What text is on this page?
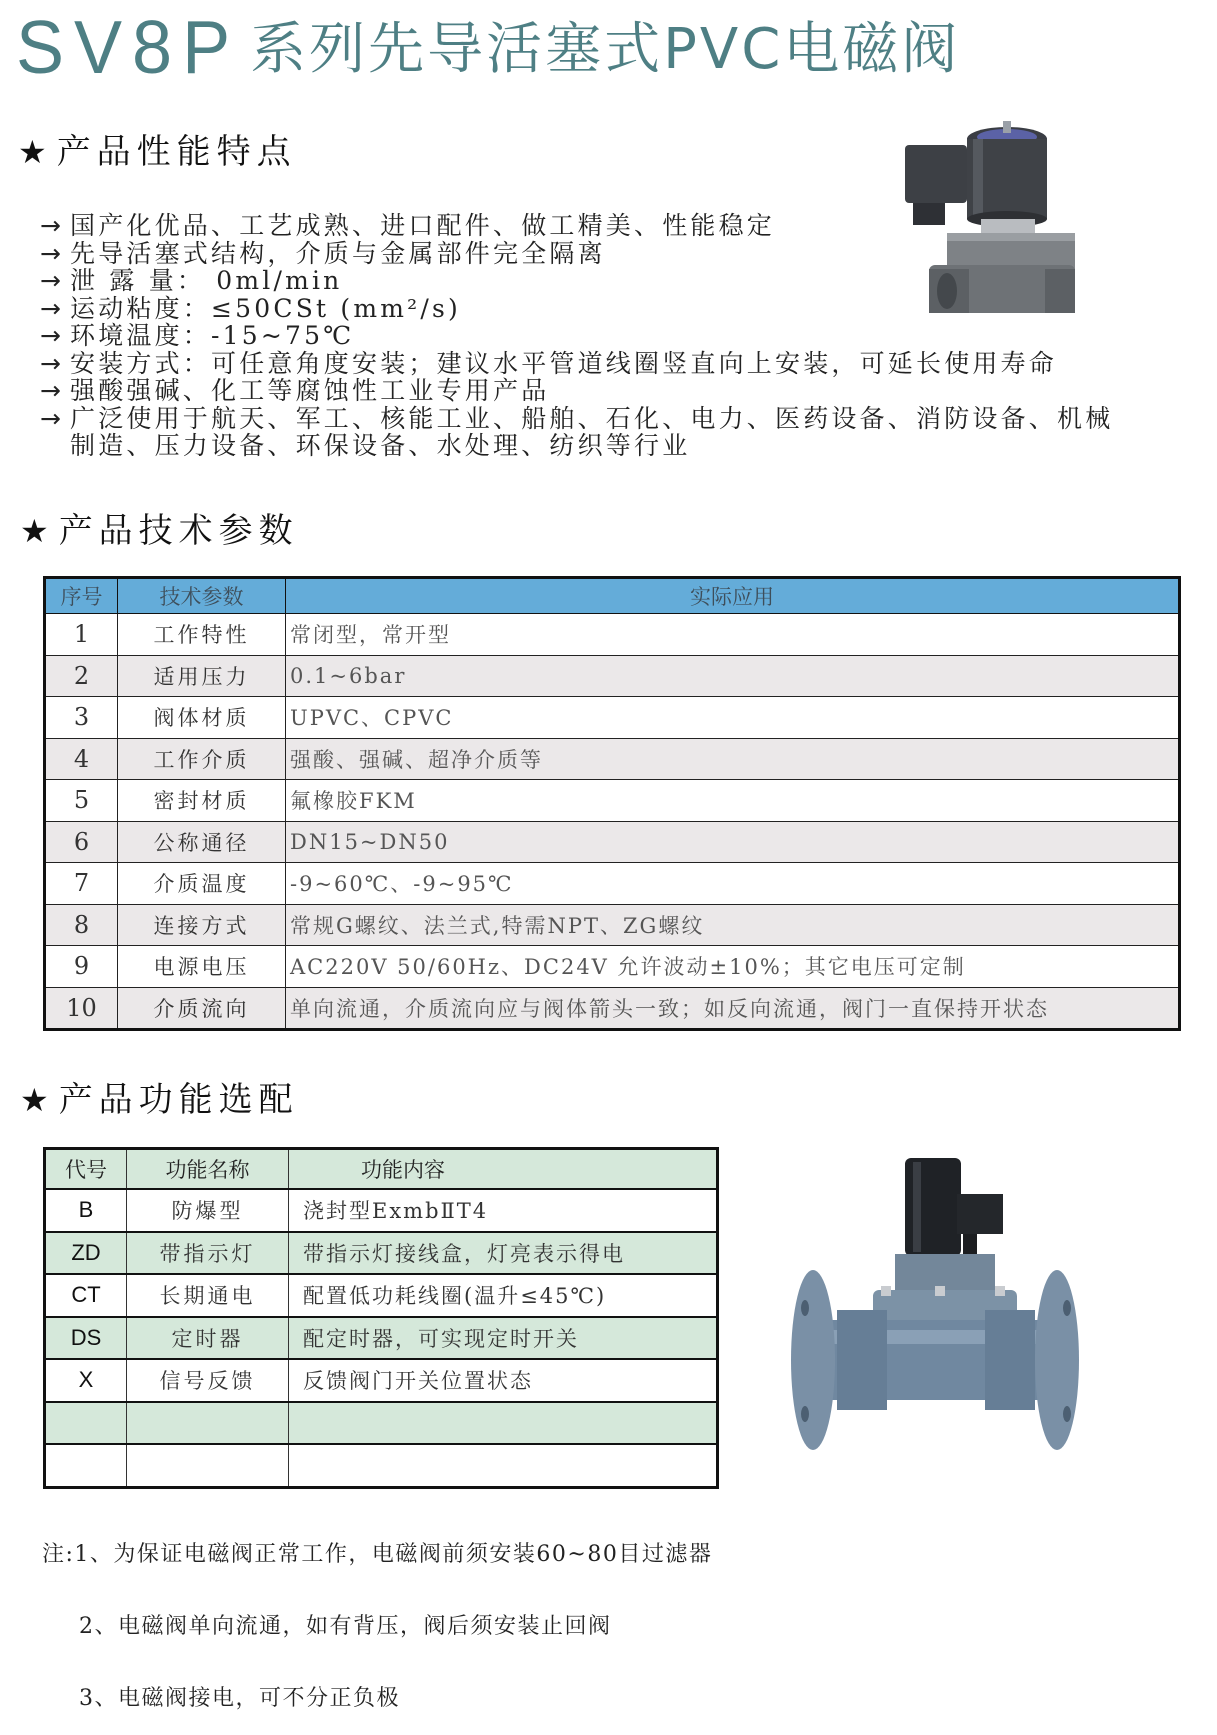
SV8P 系列先导活塞式PVC电磁阀
★ 产品性能特点
→ 国产化优品、工艺成熟、进口配件、做工精美、性能稳定
→ 先导活塞式结构，介质与金属部件完全隔离
→ 泄 露 量： 0ml/min
→ 运动粘度：≤50CSt (mm²/s)
→ 环境温度：-15~75℃
→ 安装方式：可任意角度安装；建议水平管道线圈竖直向上安装，可延长使用寿命
→ 强酸强碱、化工等腐蚀性工业专用产品
→ 广泛使用于航天、军工、核能工业、船舶、石化、电力、医药设备、消防设备、机械
制造、压力设备、环保设备、水处理、纺织等行业
★ 产品技术参数
序号	技术参数	实际应用
1	工作特性	常闭型，常开型
2	适用压力	0.1~6bar
3	阀体材质	UPVC、CPVC
4	工作介质	强酸、强碱、超净介质等
5	密封材质	氟橡胶FKM
6	公称通径	DN15~DN50
7	介质温度	-9~60℃、-9~95℃
8	连接方式	常规G螺纹、法兰式,特需NPT、ZG螺纹
9	电源电压	AC220V 50/60Hz、DC24V 允许波动±10%；其它电压可定制
10	介质流向	单向流通，介质流向应与阀体箭头一致；如反向流通，阀门一直保持开状态
★ 产品功能选配
代号	功能名称	功能内容
B	防爆型	浇封型ExmbⅡT4
ZD	带指示灯	带指示灯接线盒，灯亮表示得电
CT	长期通电	配置低功耗线圈(温升≤45℃)
DS	定时器	配定时器，可实现定时开关
X	信号反馈	反馈阀门开关位置状态

注:1、为保证电磁阀正常工作，电磁阀前须安装60~80目过滤器

2、电磁阀单向流通，如有背压，阀后须安装止回阀

3、电磁阀接电，可不分正负极
